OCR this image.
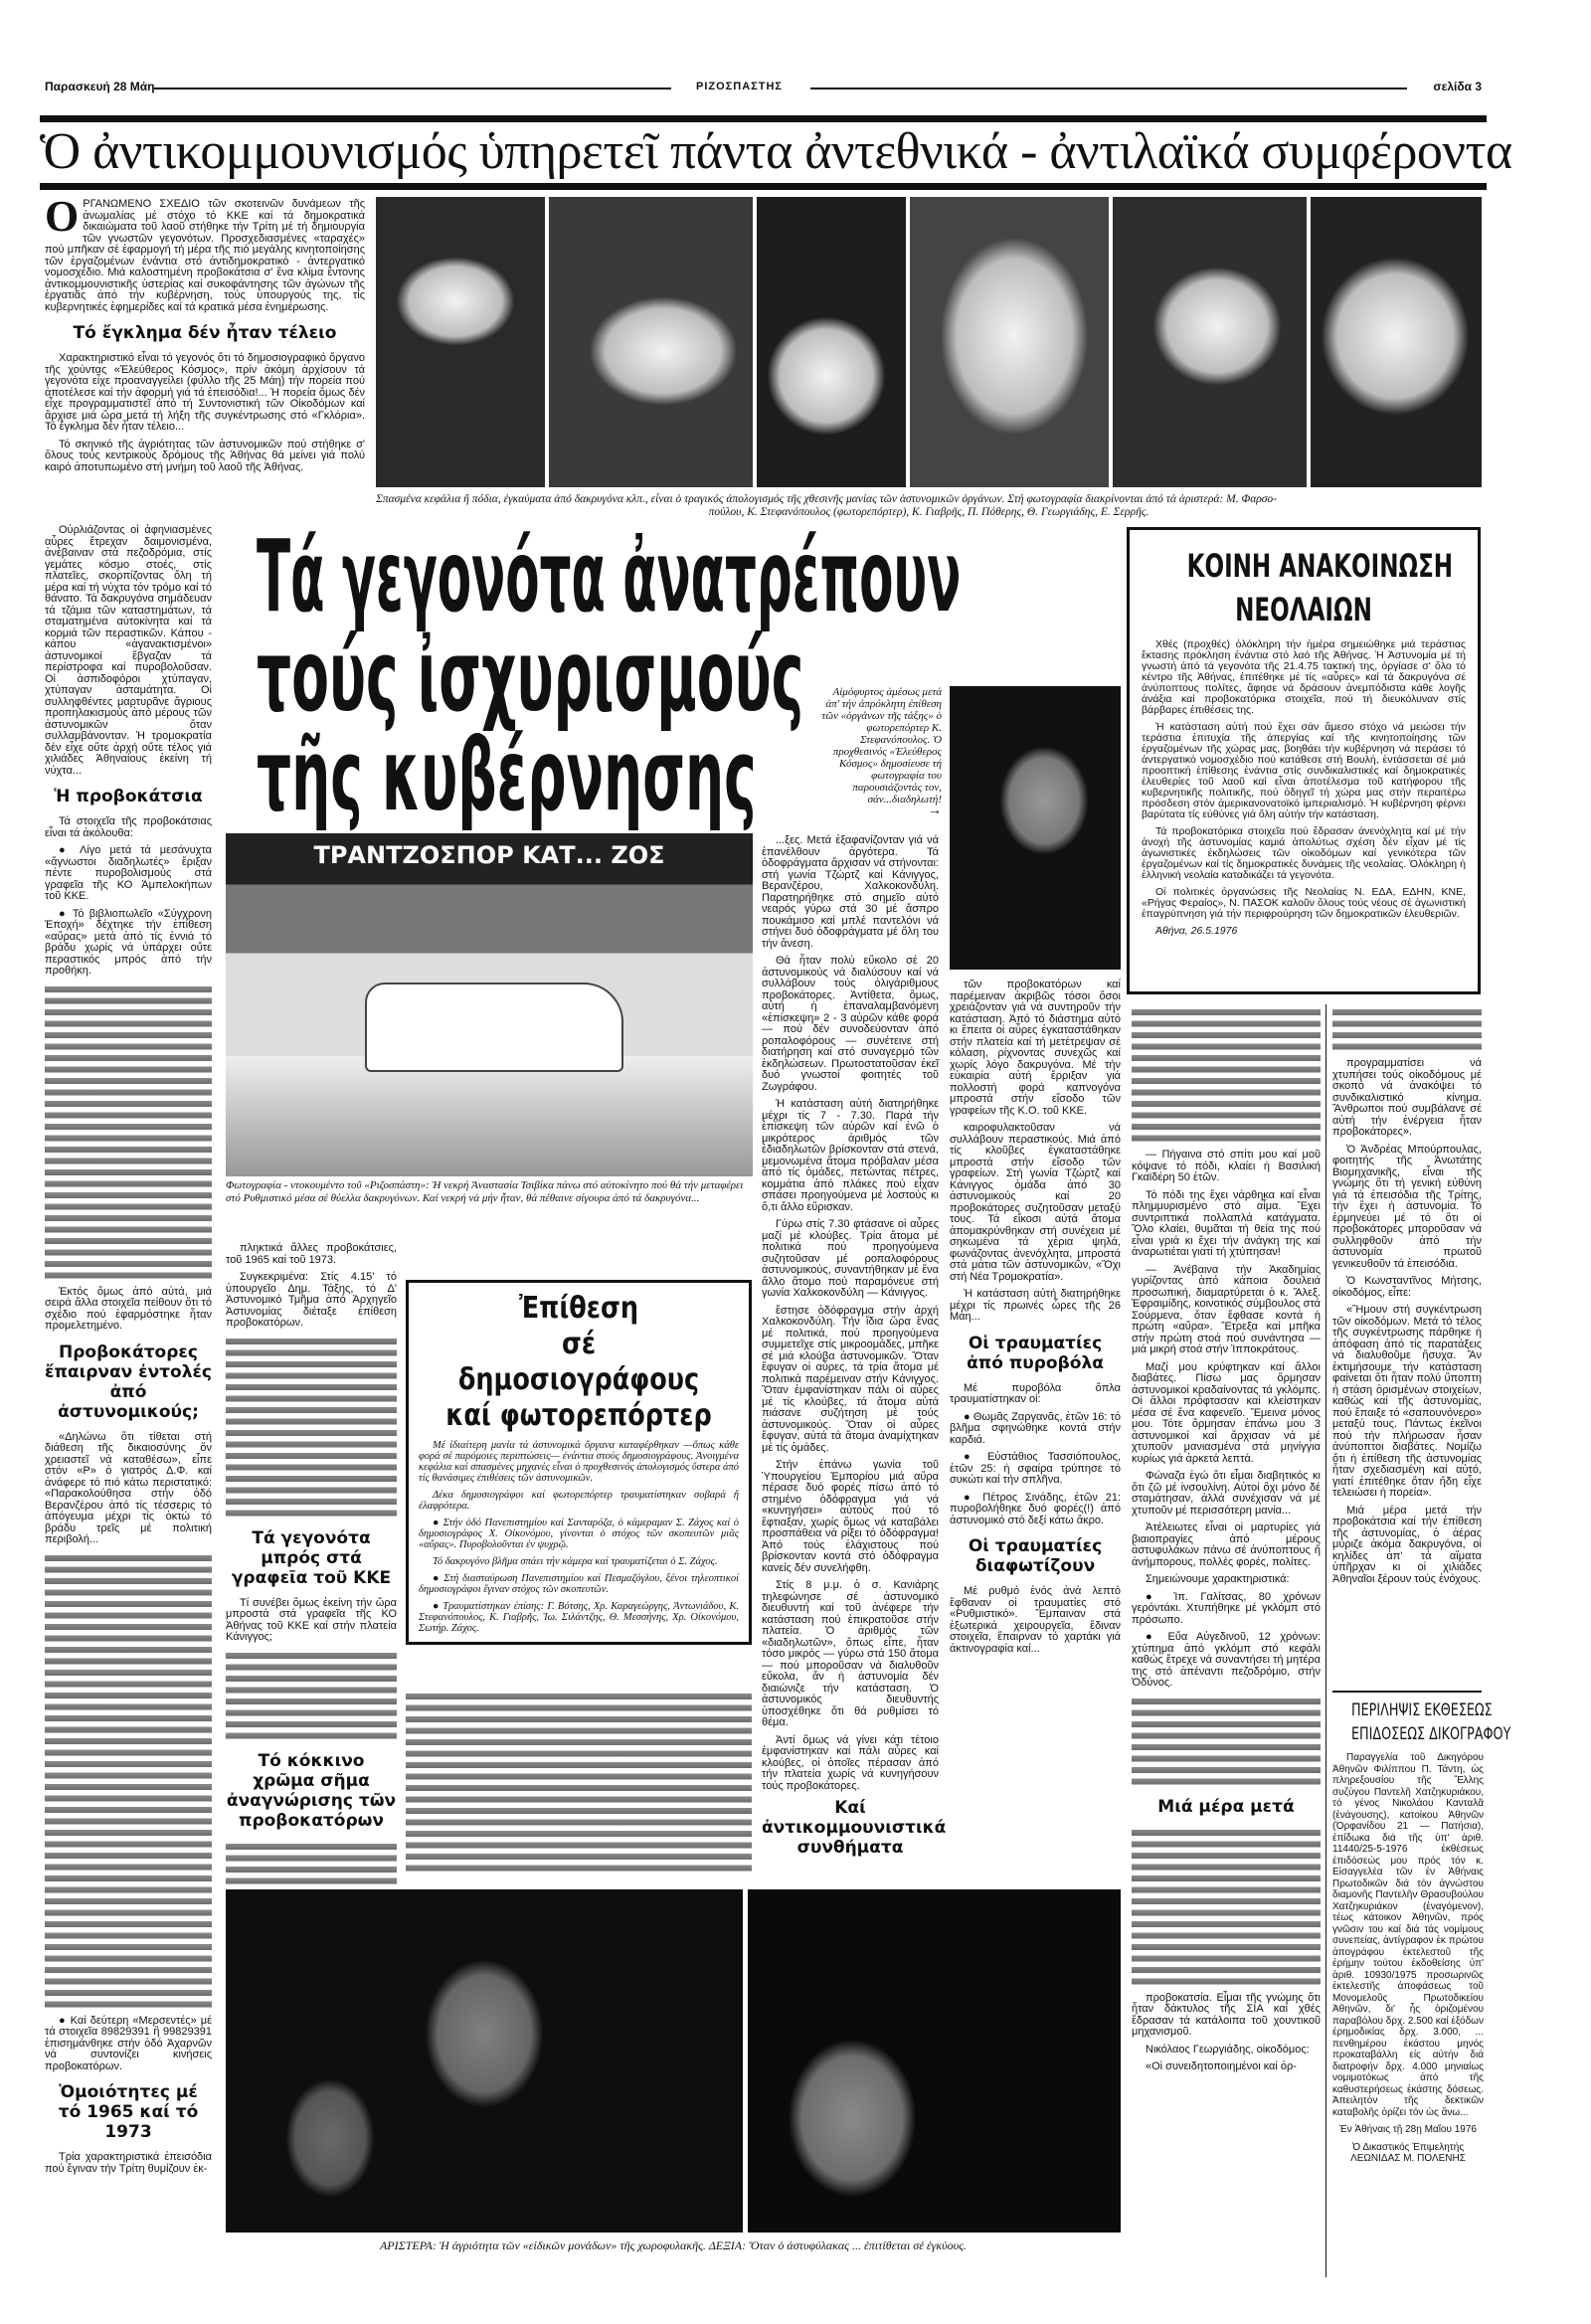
Παρασκευή 28 Μάη	ΡΙΖΟΣΠΑΣΤΗΣ	σελίδα 3
Ὁ ἀντικομμουνισμός ὑπηρετεῖ πάντα ἀντεθνικά - ἀντιλαϊκά συμφέροντα
Ο ΡΓΑΝΩΜΕΝΟ ΣΧΕΔΙΟ τῶν σκοτεινῶν δυνάμεων τῆς ἀνωμαλίας μέ στόχο τό ΚΚΕ καί τά δημοκρατικά δικαιώματα τοῦ λαοῦ στήθηκε τήν Τρίτη μέ τή δημιουργία τῶν γνωστῶν γεγονότων. Προσχεδιασμένες «ταραχές» πού μπῆκαν σέ ἐφαρμογή τή μέρα τῆς πιό μεγάλης κινητοποίησης τῶν ἐργαζομένων ἐνάντια στό ἀντιδημοκρατικό - ἀντεργατικό νομοσχέδιο. Μιά καλοστημένη προβοκάτσια σ' ἕνα κλίμα ἔντονης ἀντικομμουνιστικῆς ὑστερίας καί συκοφάντησης τῶν ἀγώνων τῆς ἐργατιᾶς ἀπό τήν κυβέρνηση, τούς ὑπουργούς της, τίς κυβερνητικές ἐφημερίδες καί τά κρατικά μέσα ἐνημέρωσης.

Τό ἔγκλημα δέν ἦταν τέλειο

Χαρακτηριστικό εἶναι τό γεγονός ὅτι τό δημοσιογραφικό ὄργανο τῆς χούντας «Ἐλεύθερος Κόσμος», πρίν ἀκόμη ἀρχίσουν τά γεγονότα εἶχε προαναγγείλει (φύλλο τῆς 25 Μάη) τήν πορεία πού ἀποτέλεσε καί τήν ἀφορμή γιά τά ἐπεισόδια!... Ἡ πορεία ὅμως δέν εἶχε προγραμματιστεῖ ἀπό τή Συντονιστική τῶν Οἰκοδόμων καί ἄρχισε μιά ὥρα μετά τή λήξη τῆς συγκέντρωσης στό «Γκλόρια». Τό ἔγκλημα δέν ἦταν τέλειο...

Τό σκηνικό τῆς ἀγριότητας τῶν ἀστυνομικῶν πού στήθηκε σ' ὅλους τούς κεντρικούς δρόμους τῆς Ἀθήνας θά μείνει γιά πολύ καιρό ἀποτυπωμένο στή μνήμη τοῦ λαοῦ τῆς Ἀθήνας.

Οὐρλιάζοντας οἱ ἀφηνιασμένες αὖρες ἔτρεχαν δαιμονισμένα, ἀνέβαιναν στά πεζοδρόμια, στίς γεμάτες κόσμο στοές, στίς πλατεῖες, σκορπίζοντας ὅλη τή μέρα καί τή νύχτα τόν τρόμο καί τό θάνατο. Τά δακρυγόνα σημάδευαν τά τζάμια τῶν καταστημάτων, τά σταματημένα αὐτοκίνητα καί τά κορμιά τῶν περαστικῶν. Κάπου - κάπου «ἀγανακτισμένοι» ἀστυνομικοί ἔβγαζαν τά περίστροφα καί πυροβολοῦσαν. Οἱ ἀσπιδοφόροι χτύπαγαν, χτύπαγαν ἀσταμάτητα. Οἱ συλληφθέντες μαρτυρᾶνε ἄγριους προπηλακισμούς ἀπό μέρους τῶν ἀστυνομικῶν ὅταν συλλαμβάνονταν. Ἡ τρομοκρατία δέν εἶχε οὔτε ἀρχή οὔτε τέλος γιά χιλιάδες Ἀθηναίους ἐκείνη τή νύχτα...

Ἡ προβοκάτσια

Τά στοιχεῖα τῆς προβοκάτσιας εἶναι τά ἀκόλουθα:

● Λίγο μετά τά μεσάνυχτα «ἄγνωστοι διαδηλωτές» ἔριξαν πέντε πυροβολισμούς στά γραφεῖα τῆς ΚΟ Ἀμπελοκήπων τοῦ ΚΚΕ.

● Τό βιβλιοπωλεῖο «Σύγχρονη Ἐποχή» δέχτηκε τήν ἐπίθεση «αὔρας» μετά ἀπό τίς ἐννιά τό βράδυ χωρίς νά ὑπάρχει οὔτε περαστικός μπρός ἀπό τήν προθήκη.

Ἐκτός ὅμως ἀπό αὐτά, μιά σειρά ἄλλα στοιχεῖα πείθουν ὅτι τό σχέδιο πού ἐφαρμόστηκε ἦταν προμελετημένο.

Προβοκάτορες ἔπαιρναν ἐντολές ἀπό ἀστυνομικούς;

«Δηλώνω ὅτι τίθεται στή διάθεση τῆς δικαιοσύνης ὅν χρειαστεῖ νά καταθέσω», εἶπε στόν «Ρ» ὁ γιατρός Δ.Φ. καί ἀνάφερε τό πιό κάτω περιστατικό: «Παρακολούθησα στήν ὁδό Βερανζέρου ἀπό τίς τέσσερις τό ἀπόγευμα μέχρι τίς ὀκτώ τό βράδυ τρεῖς μέ πολιτική περιβολή...

● Καί δεύτερη «Μερσεντές» μέ τά στοιχεῖα 89829391 ἤ 99829391 ἐπισημάνθηκε στήν ὁδό Ἀχαρνῶν νά συντονίζει κινήσεις προβοκατόρων.

Ὁμοιότητες μέ τό 1965 καί τό 1973

Τρία χαρακτηριστικά ἐπεισόδια πού ἔγιναν τήν Τρίτη θυμίζουν ἐκ-

Σπασμένα κεφάλια ἤ πόδια, ἐγκαύματα ἀπό δακρυγόνα κλπ., εἶναι ὁ τραγικός ἀπολογισμός τῆς χθεσινῆς μανίας τῶν ἀστυνομικῶν ὀργάνων. Στή φωτογραφία διακρίνονται ἀπό τά ἀριστερά: Μ. Φαρσο-
πούλου, Κ. Στεφανόπουλος (φωτορεπόρτερ), Κ. Γιαβρῆς, Π. Πόθερης, Θ. Γεωργιάδης, Ε. Σερρῆς.
Τά γεγονότα ἀνατρέπουν
τούς ἰσχυρισμούς
τῆς κυβέρνησης
Αἱμόφυρτος ἀμέσως μετά ἀπ' τήν ἀπρόκλητη ἐπίθεση τῶν «ὀργάνων τῆς τάξης» ὁ φωτορεπόρτερ Κ. Στεφανόπουλος. Ὁ προχθεσινός «Ἐλεύθερος Κόσμος» δημοσίευσε τή φωτογραφία του παρουσιάζοντάς τον, σάν...διαδηλωτή!
→
ΤΡΑΝΤΖΟΣΠΟΡ ΚΑΤ... ΖΟΣ
Φωτογραφία - ντοκουμέντο τοῦ «Ριζοσπάστη»: Ἡ νεκρή Ἀναστασία Τσιβίκα πάνω στό αὐτοκίνητο πού θά τήν μεταφέρει στό Ρυθμιστικό μέσα σέ θύελλα δακρυγόνων. Καί νεκρή νά μήν ἦταν, θά πέθαινε σίγουρα ἀπό τά δακρυγόνα...

πληκτικά ἄλλες προβοκάτσιες, τοῦ 1965 καί τοῦ 1973.

Συγκεκριμένα: Στίς 4.15' τό ὑπουργεῖο Δημ. Τάξης, τό Δ' Ἀστυνομικό Τμῆμα ἀπό Ἀρχηγεῖο Ἀστυνομίας διέταξε ἐπίθεση προβοκατόρων.

Τά γεγονότα μπρός στά γραφεῖα τοῦ ΚΚΕ

Τί συνέβει ὅμως ἐκείνη τήν ὥρα μπροστά στά γραφεῖα τῆς ΚΟ Ἀθήνας τοῦ ΚΚΕ καί στήν πλατεία Κάνιγγος;

Τό κόκκινο χρῶμα σῆμα ἀναγνώρισης τῶν προβοκατόρων
Ἐπίθεση
σέ δημοσιογράφους
καί φωτορεπόρτερ

Μέ ἰδιαίτερη μανία τά ἀστυνομικά ὄργανα καταφέρθηκαν —ὅπως κάθε φορά σέ παρόμοιες περιπτώσεις— ἐνάντια στούς δημοσιογράφους. Ἀνοιγμένα κεφάλια καί σπασμένες μηχανές εἶναι ὁ προχθεσινός ἀπολογισμός ὕστερα ἀπό τίς θανάσιμες ἐπιθέσεις τῶν ἀστυνομικῶν.

Δέκα δημοσιογράφοι καί φωτορεπόρτερ τραυματίστηκαν σοβαρά ἤ ἐλαφρότερα.

● Στήν ὁδό Πανεπιστημίου καί Σανταρόζα, ὁ κάμεραμαν Σ. Ζάχος καί ὁ δημοσιογράφος Χ. Οἰκονόμου, γίνονται ὁ στόχος τῶν σκοπευτῶν μιᾶς «αὔρας». Πυροβολοῦνται ἐν ψυχρῷ.

Τό δακρυγόνο βλῆμα σπάει τήν κάμερα καί τραυματίζεται ὁ Σ. Ζάχος.

● Στή διασταύρωση Πανεπιστημίου καί Πεσμαζόγλου, ξένοι τηλεοπτικοί δημοσιογράφοι ἔγιναν στόχος τῶν σκοπευτῶν.

● Τραυματίστηκαν ἐπίσης: Γ. Βότσης, Χρ. Καραγεώργης, Ἀντωνιάδου, Κ. Στεφανόπουλος, Κ. Γιαβρῆς, Ἰω. Σιλάντζης, Θ. Μεσσήνης, Χρ. Οἰκονόμου, Σωτήρ. Ζάχος.

...ξες. Μετά ἐξαφανίζονταν γιά νά ἐπανέλθουν ἀργότερα. Τά ὁδοφράγματα ἄρχισαν νά στήνονται: στή γωνία Τζώρτζ καί Κάνιγγος, Βερανζέρου, Χαλκοκονδύλη. Παρατηρήθηκε στό σημεῖο αὐτό νεαρός γύρω στά 30 μέ ἄσπρο πουκάμισο καί μπλέ παντελόνι νά στήνει δυό ὁδοφράγματα μέ ὅλη του τήν ἄνεση.

Θά ἦταν πολύ εὔκολο σέ 20 ἀστυνομικούς νά διαλύσουν καί νά συλλάβουν τούς ὀλιγάριθμους προβοκάτορες. Ἀντίθετα, ὅμως, αὐτή ἡ ἐπαναλαμβανόμενη «ἐπίσκεψη» 2 - 3 αὐρῶν κάθε φορά — πού δέν συνοδεύονταν ἀπό ροπαλοφόρους — συνέτεινε στή διατήρηση καί στό συναγερμό τῶν ἐκδηλώσεων. Πρωτοστατοῦσαν ἐκεῖ δυό γνωστοί φοιτητές τοῦ Ζωγράφου.

Ἡ κατάσταση αὐτή διατηρήθηκε μέχρι τίς 7 - 7.30. Παρά τήν ἐπίσκεψη τῶν αὐρῶν καί ἐνῶ ὁ μικρότερος ἀριθμός τῶν ἐδιαδηλωτῶν βρίσκονταν στά στενά, μεμονωμένα ἄτομα πρόβαλαν μέσα ἀπό τίς ὁμάδες, πετώντας πέτρες, κομμάτια ἀπό πλάκες πού εἶχαν σπάσει προηγούμενα μέ λοστούς κι ὅ,τι ἄλλο εὕρισκαν.

Γύρω στίς 7.30 φτάσανε οἱ αὖρες μαζί μέ κλούβες. Τρία ἄτομα μέ πολιτικά πού προηγούμενα συζητοῦσαν μέ ροπαλοφόρους ἀστυνομικούς, συναντήθηκαν μέ ἕνα ἄλλο ἄτομο πού παραμόνευε στή γωνία Χαλκοκονδύλη — Κάνιγγος.

ἔστησε ὁδόφραγμα στήν ἀρχή Χαλκοκονδύλη. Τήν ἴδια ὥρα ἕνας μέ πολιτικά, πού προηγούμενα συμμετεῖχε στίς μικροομάδες, μπῆκε σέ μιά κλούβα ἀστυνομικῶν. Ὅταν ἔφυγαν οἱ αὖρες, τά τρία ἄτομα μέ πολιτικά παρέμειναν στήν Κάνιγγος. Ὅταν ἐμφανίστηκαν πάλι οἱ αὖρες μέ τίς κλούβες, τά ἄτομα αὐτά πιάσανε συζήτηση μέ τούς ἀστυνομικούς. Ὅταν οἱ αὖρες ἔφυγαν, αὐτά τά ἄτομα ἀναμίχτηκαν μέ τίς ὁμάδες.

Στήν ἐπάνω γωνία τοῦ Ὑπουργείου Ἐμπορίου μιά αὔρα πέρασε δυό φορές πίσω ἀπό τό στημένο ὁδόφραγμα γιά νά «κυνηγήσει» αὐτούς πού τό ἔφτιαξαν, χωρίς ὅμως νά καταβάλει προσπάθεια νά ρίξει τό ὁδόφραγμα! Ἀπό τούς ἐλάχιστους πού βρίσκονταν κοντά στό ὁδόφραγμα κανείς δέν συνελήφθη.

Στίς 8 μ.μ. ὁ σ. Κανιάρης τηλεφώνησε σέ ἀστυνομικό διευθυντή καί τοῦ ἀνέφερε τήν κατάσταση πού ἐπικρατοῦσε στήν πλατεία. Ὁ ἀριθμός τῶν «διαδηλωτῶν», ὅπως εἶπε, ἦταν τόσο μικρός — γύρω στά 150 ἄτομα — πού μποροῦσαν νά διαλυθοῦν εὔκολα, ἄν ἡ ἀστυνομία δέν διαιώνιζε τήν κατάσταση. Ὁ ἀστυνομικός διευθυντής ὑποσχέθηκε ὅτι θά ρυθμίσει τό θέμα.

Ἀντί ὅμως νά γίνει κάτι τέτοιο ἐμφανίστηκαν καί πάλι αὖρες καί κλούβες, οἱ ὁποῖες πέρασαν ἀπό τήν πλατεία χωρίς νά κυνηγήσουν τούς προβοκάτορες.

Καί ἀντικομμουνιστικά συνθήματα

τῶν προβοκατόρων καί παρέμειναν ἀκριβῶς τόσοι ὅσοι χρειάζονταν γιά νά συντηροῦν τήν κατάσταση. Ἀπό τό διάστημα αὐτό κι ἔπειτα οἱ αὖρες ἐγκαταστάθηκαν στήν πλατεία καί τή μετέτρεψαν σέ κόλαση, ρίχνοντας συνεχῶς καί χωρίς λόγο δακρυγόνα. Μέ τήν εὐκαιρία αὐτή ἔρριξαν γιά πολλοστή φορά καπνογόνα μπροστά στήν εἴσοδο τῶν γραφείων τῆς Κ.Ο. τοῦ ΚΚΕ.

καιροφυλακτοῦσαν νά συλλάβουν περαστικούς. Μιά ἀπό τίς κλοῦβες ἐγκαταστάθηκε μπροστά στήν εἴσοδο τῶν γραφείων. Στή γωνία Τζώρτζ καί Κάνιγγος ὁμάδα ἀπό 30 ἀστυνομικούς καί 20 προβοκάτορες συζητοῦσαν μεταξύ τους. Τά εἴκοσι αὐτά ἄτομα ἀπομακρύνθηκαν στή συνέχεια μέ σηκωμένα τά χέρια ψηλά, φωνάζοντας ἀνενόχλητα, μπροστά στά μάτια τῶν ἀστυνομικῶν, «Ὄχι στή Νέα Τρομοκρατία».

Ἡ κατάσταση αὐτή διατηρήθηκε μέχρι τίς πρωινές ὧρες τῆς 26 Μάη...

Οἱ τραυματίες ἀπό πυροβόλα

Μέ πυροβόλα ὅπλα τραυματίστηκαν οἱ:

● Θωμᾶς Ζαργανᾶς, ἐτῶν 16: τό βλῆμα σφηνώθηκε κοντά στήν καρδιά.

● Εὐστάθιος Τασσιόπουλος, ἐτῶν 25: ἡ σφαίρα τρύπησε τό συκώτι καί τήν σπλῆνα.

● Πέτρος Σινάδης, ἐτῶν 21: πυροβολήθηκε δυό φορές(!) ἀπό ἀστυνομικό στό δεξί κάτω ἄκρο.

Οἱ τραυματίες διαφωτίζουν

Μέ ρυθμό ἑνός ἀνά λεπτό ἔφθαναν οἱ τραυματίες στό «Ρυθμιστικό». Ἔμπαιναν στά ἐξωτερικά χειρουργεῖα, ἔδιναν στοιχεῖα, ἔπαιρναν τό χαρτάκι γιά ἀκτινογραφία καί...

ΚΟΙΝΗ ΑΝΑΚΟΙΝΩΣΗ
ΝΕΟΛΑΙΩΝ

Χθές (προχθές) ὁλόκληρη τήν ἡμέρα σημειώθηκε μιά τεράστιας ἔκτασης πρόκληση ἐνάντια στό λαό τῆς Ἀθήνας. Ἡ Ἀστυνομία μέ τή γνωστή ἀπό τά γεγονότα τῆς 21.4.75 τακτική της, ὀργίασε σ' ὅλο τό κέντρο τῆς Ἀθήνας, ἐπιτέθηκε μέ τίς «αὖρες» καί τά δακρυγόνα σέ ἀνύποπτους πολίτες, ἄφησε νά δράσουν ἀνεμπόδιστα κάθε λογῆς ἀνάξια καί προβοκατόρικα στοιχεῖα, πού τή διευκόλυναν στίς βάρβαρες ἐπιθέσεις της.

Ἡ κατάσταση αὐτή πού ἔχει σάν ἄμεσο στόχο νά μειώσει τήν τεράστια ἐπιτυχία τῆς ἀπεργίας καί τῆς κινητοποίησης τῶν ἐργαζομένων τῆς χώρας μας, βοηθάει τήν κυβέρνηση νά περάσει τό ἀντεργατικό νομοσχέδιο πού κατάθεσε στή Βουλή, ἐντάσσεται σέ μιά προοπτική ἐπίθεσης ἐνάντια στίς συνδικαλιστικές καί δημοκρατικές ἐλευθερίες τοῦ λαοῦ καί εἶναι ἀποτέλεσμα τοῦ κατήφορου τῆς κυβερνητικῆς πολιτικῆς, πού ὁδηγεῖ τή χώρα μας στήν περαιτέρω πρόσδεση στόν ἀμερικανονατοϊκό ἰμπεριαλισμό. Ἡ κυβέρνηση φέρνει βαρύτατα τίς εὐθύνες γιά ὅλη αὐτήν τήν κατάσταση.

Τά προβοκατόρικα στοιχεῖα πού ἔδρασαν ἀνενόχλητα καί μέ τήν ἀνοχή τῆς ἀστυνομίας καμιά ἀπολύτως σχέση δέν εἶχαν μέ τίς ἀγωνιστικές ἐκδηλώσεις τῶν οἰκοδόμων καί γενικότερα τῶν ἐργαζομένων καί τίς δημοκρατικές δυνάμεις τῆς νεολαίας. Ὁλόκληρη ἡ ἑλληνική νεολαία καταδικάζει τά γεγονότα.

Οἱ πολιτικές ὀργανώσεις τῆς Νεολαίας Ν. ΕΔΑ, ΕΔΗΝ, ΚΝΕ, «Ρήγας Φεραίος», Ν. ΠΑΣΟΚ καλοῦν ὅλους τούς νέους σέ ἀγωνιστική ἐπαγρύπνηση γιά τήν περιφρούρηση τῶν δημοκρατικῶν ἐλευθεριῶν.

Ἀθήνα, 26.5.1976

— Πήγαινα στό σπίτι μου καί μοῦ κόψανε τό πόδι, κλαίει ἡ Βασιλική Γκαϊδέρη 50 ἐτῶν.

Τό πόδι της ἔχει νάρθηκα καί εἶναι πλημμυρισμένο στό αἷμα. Ἔχει συντριπτικά πολλαπλά κατάγματα. Ὅλο κλαίει, θυμᾶται τή θεία της πού εἶναι γριά κι ἔχει τήν ἀνάγκη της καί ἀναρωτιέται γιατί τή χτύπησαν!

— Ἀνέβαινα τήν Ἀκαδημίας γυρίζοντας ἀπό κάποια δουλειά προσωπική, διαμαρτύρεται ὁ κ. Ἄλεξ. Ἐφραιμίδης, κοινοτικός σύμβουλος στά Σούρμενα, ὅταν ἔφθασε κοντά ἡ πρώτη «αὔρα». Ἔτρεξα καί μπῆκα στήν πρώτη στοά πού συνάντησα — μιά μικρή στοά στήν Ἱπποκράτους.

Μαζί μου κρύφτηκαν καί ἄλλοι διαβάτες. Πίσω μας ὅρμησαν ἀστυνομικοί κραδαίνοντας τά γκλόμπς. Οἱ ἄλλοι πρόφτασαν καί κλείστηκαν μέσα σέ ἕνα καφενεῖο. Ἔμεινα μόνος μου. Τότε ὅρμησαν ἐπάνω μου 3 ἀστυνομικοί καί ἄρχισαν νά μέ χτυποῦν μανιασμένα στά μηνίγγια κυρίως γιά ἀρκετά λεπτά.

Φώναζα ἐγώ ὅτι εἶμαι διαβητικός κι ὅτι ζῶ μέ ἰνσουλίνη. Αὐτοί ὄχι μόνο δέ σταμάτησαν, ἀλλά συνέχισαν νά μέ χτυποῦν μέ περισσότερη μανία...

Ἀτέλειωτες εἶναι οἱ μαρτυρίες γιά βιαιοπραγίες ἀπό μέρους ἀστυφυλάκων πάνω σέ ἀνύποπτους ἤ ἀνήμπορους, πολλές φορές, πολίτες.

Σημειώνουμε χαρακτηριστικά:

● Ἰπ. Γαλίτσας, 80 χρόνων γερόντάκι. Χτυπήθηκε μέ γκλόμπ στό πρόσωπο.

● Εὔα Αὐγεδινοῦ, 12 χρόνων: χτύπημα ἀπό γκλόμπ στό κεφάλι καθώς ἔτρεχε νά συναντήσει τή μητέρα της στό ἀπέναντι πεζοδρόμιο, στήν Ὀδύνος.

Μιά μέρα μετά

προβοκατσία. Εἶμαι τῆς γνώμης ὅτι ἦταν δάκτυλος τῆς ΣΙΑ καί χθές ἔδρασαν τά κατάλοιπα τοῦ χουντικοῦ μηχανισμοῦ.

Νικόλαος Γεωργιάδης, οἰκοδόμος:

«Οἱ συνειδητοποιημένοι καί ὀρ-

προγραμματίσει νά χτυπήσει τούς οἰκοδόμους μέ σκοπό νά ἀνακόψει τό συνδικαλιστικό κίνημα. Ἄνθρωποι πού συμβάλανε σέ αὐτή τήν ἐνέργεια ἦταν προβοκάτορες».

Ὁ Ἀνδρέας Μπούρπουλας, φοιτητής τῆς Ἀνωτάτης Βιομηχανικῆς, εἶναι τῆς γνώμης ὅτι τή γενική εὐθύνη γιά τά ἐπεισόδια τῆς Τρίτης, τήν ἔχει ἡ ἀστυνομία. Τό ἑρμηνεύει μέ τό ὅτι οἱ προβοκάτορες μποροῦσαν νά συλληφθοῦν ἀπό τήν ἀστυνομία πρωτοῦ γενικευθοῦν τά ἐπεισόδια.

Ὁ Κωνσταντῖνος Μήτσης, οἰκοδόμος, εἶπε:

«Ἤμουν στή συγκέντρωση τῶν οἰκοδόμων. Μετά τό τέλος τῆς συγκέντρωσης πάρθηκε ἡ ἀπόφαση ἀπό τίς παρατάξεις νά διαλυθοῦμε ἥσυχα. Ἄν ἐκτιμήσουμε τήν κατάσταση φαίνεται ὅτι ἦταν πολύ ὕποπτη ἡ στάση ὁρισμένων στοιχείων, καθώς καί τῆς ἀστυνομίας, πού ἔπαιξε τό «σαπουνόνερο» μεταξύ τους. Πάντως ἐκεῖνοι πού τήν πλήρωσαν ἦσαν ἀνύποπτοι διαβάτες. Νομίζω ὅτι ἡ ἐπίθεση τῆς ἀστυνομίας ἦταν σχεδιασμένη καί αὐτό, γιατί ἐπιτέθηκε ὅταν ἤδη εἶχε τελειώσει ἡ πορεία».

Μιά μέρα μετά τήν προβοκάτσια καί τήν ἐπίθεση τῆς ἀστυνομίας, ὁ ἀέρας μύριζε ἀκόμα δακρυγόνα, οἱ κηλίδες ἀπ' τά αἵματα ὑπῆρχαν κι οἱ χιλιάδες Ἀθηναῖοι ξέρουν τούς ἐνόχους.

ΠΕΡΙΛΗΨΙΣ ΕΚΘΕΣΕΩΣ
ΕΠΙΔΟΣΕΩΣ ΔΙΚΟΓΡΑΦΟΥ

Παραγγελία τοῦ Δικηγόρου Ἀθηνῶν Φιλίππου Π. Τάντη, ὡς πληρεξουσίου τῆς Ἔλλης συζύγου Παντελῆ Χατζηκυριάκου, τό γένος Νικολάου Κανταλᾶ (ἐνάγουσης), κατοίκου Ἀθηνῶν (Ὀρφανίδου 21 — Πατήσια), ἐπίδωκα διά τῆς ὑπ' ἀριθ. 11440/25-5-1976 ἐκθέσεως ἐπιδόσεώς μου πρός τόν κ. Εἰσαγγελέα τῶν ἐν Ἀθήναις Πρωτοδικῶν διά τόν ἀγνώστου διαμονῆς Παντελῆν Θρασυβούλου Χατζηκυριάκον (ἐναγόμενον), τέως κάτοικον Ἀθηνῶν, πρός γνῶσιν του καί διά τάς νομίμους συνεπείας, ἀντίγραφον ἐκ πρώτου ἀπογράφου ἐκτελεστοῦ τῆς ἐρήμην τούτου ἐκδοθείσης ὑπ' ἀριθ. 10930/1975 προσωρινῶς ἐκτελεστῆς ἀποφάσεως τοῦ Μονομελοῦς Πρωτοδικείου Ἀθηνῶν, δι' ἧς ὁριζομένου παραβόλου δρχ. 2.500 καί ἐξόδων ἐρημοδικίας δρχ. 3.000, ... πενθημέρου ἑκάστου μηνός προκαταβάλλη εἰς αὐτήν διά διατροφήν δρχ. 4.000 μηνιαίως νομιμοτόκως ἀπό τῆς καθυστερήσεως ἑκάστης δόσεως. Ἀπειλητόν τῆς δεκτικῶν καταβολῆς ὁρίζει τόν ὡς ἄνω...

Ἐν Ἀθήναις τῇ 28ῃ Μαΐου 1976

Ὁ Δικαστικός Ἐπιμελητής

ΛΕΩΝΙΔΑΣ Μ. ΠΟΛΕΝΗΣ

ΑΡΙΣΤΕΡΑ: Ἡ ἀγριότητα τῶν «εἰδικῶν μονάδων» τῆς χωροφυλακῆς. ΔΕΞΙΑ: Ὅταν ὁ ἀστυφύλακας ... ἐπιτίθεται σέ ἐγκύους.
